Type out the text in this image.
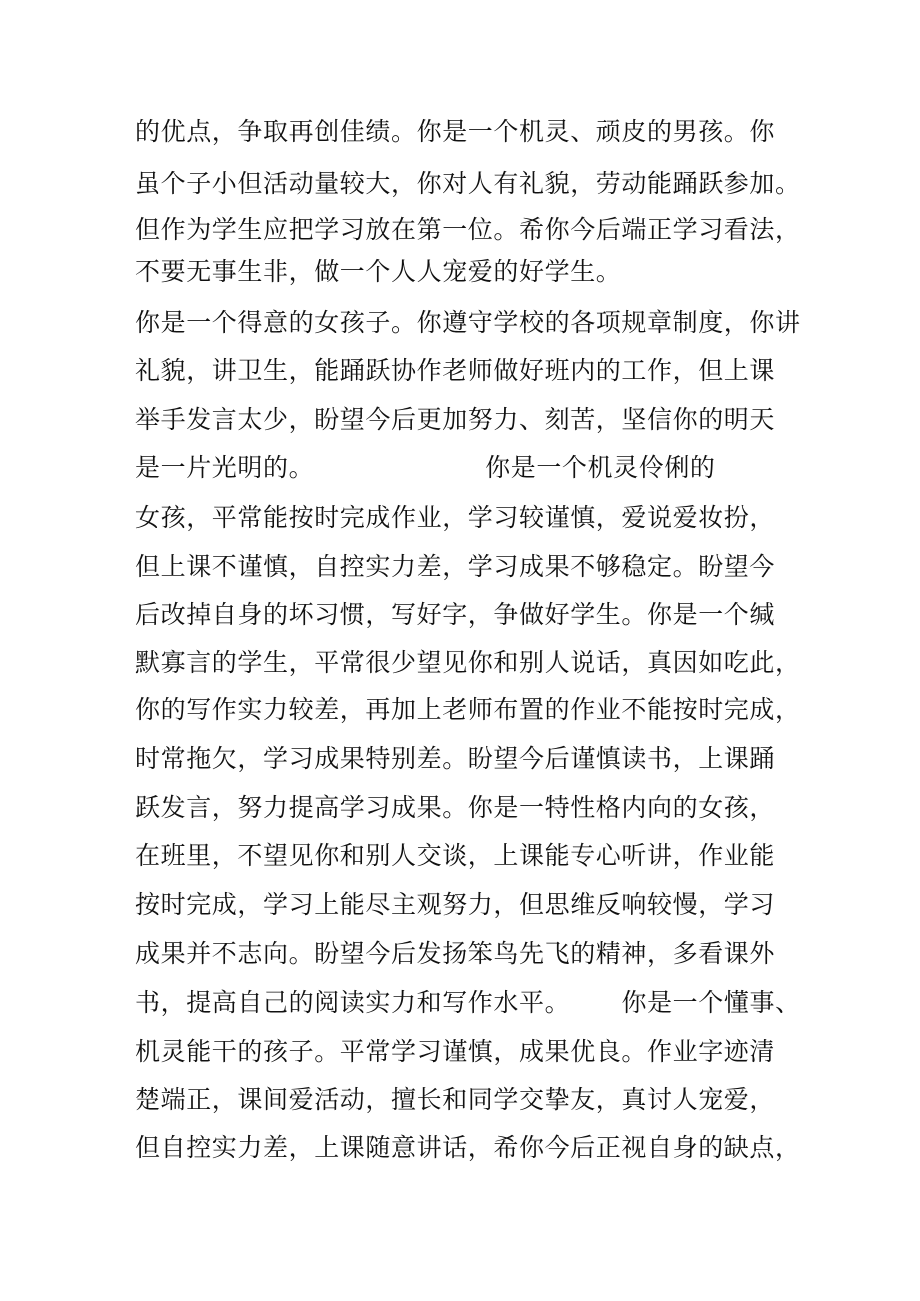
的优点，争取再创佳绩。你是一个机灵、顽皮的男孩。你
虽个子小但活动量较大，你对人有礼貌，劳动能踊跃参加。
但作为学生应把学习放在第一位。希你今后端正学习看法，
不要无事生非，做一个人人宠爱的好学生。
你是一个得意的女孩子。你遵守学校的各项规章制度，你讲
礼貌，讲卫生，能踊跃协作老师做好班内的工作，但上课
举手发言太少，盼望今后更加努力、刻苦，坚信你的明天
是一片光明的。                    你是一个机灵伶俐的
女孩，平常能按时完成作业，学习较谨慎，爱说爱妆扮，
但上课不谨慎，自控实力差，学习成果不够稳定。盼望今
后改掉自身的坏习惯，写好字，争做好学生。你是一个缄
默寡言的学生，平常很少望见你和别人说话，真因如吃此，
你的写作实力较差，再加上老师布置的作业不能按时完成，
时常拖欠，学习成果特别差。盼望今后谨慎读书，上课踊
跃发言，努力提高学习成果。你是一特性格内向的女孩，
在班里，不望见你和别人交谈，上课能专心听讲，作业能
按时完成，学习上能尽主观努力，但思维反响较慢，学习
成果并不志向。盼望今后发扬笨鸟先飞的精神，多看课外
书，提高自己的阅读实力和写作水平。      你是一个懂事、
机灵能干的孩子。平常学习谨慎，成果优良。作业字迹清
楚端正，课间爱活动，擅长和同学交挚友，真讨人宠爱，
但自控实力差，上课随意讲话，希你今后正视自身的缺点，
